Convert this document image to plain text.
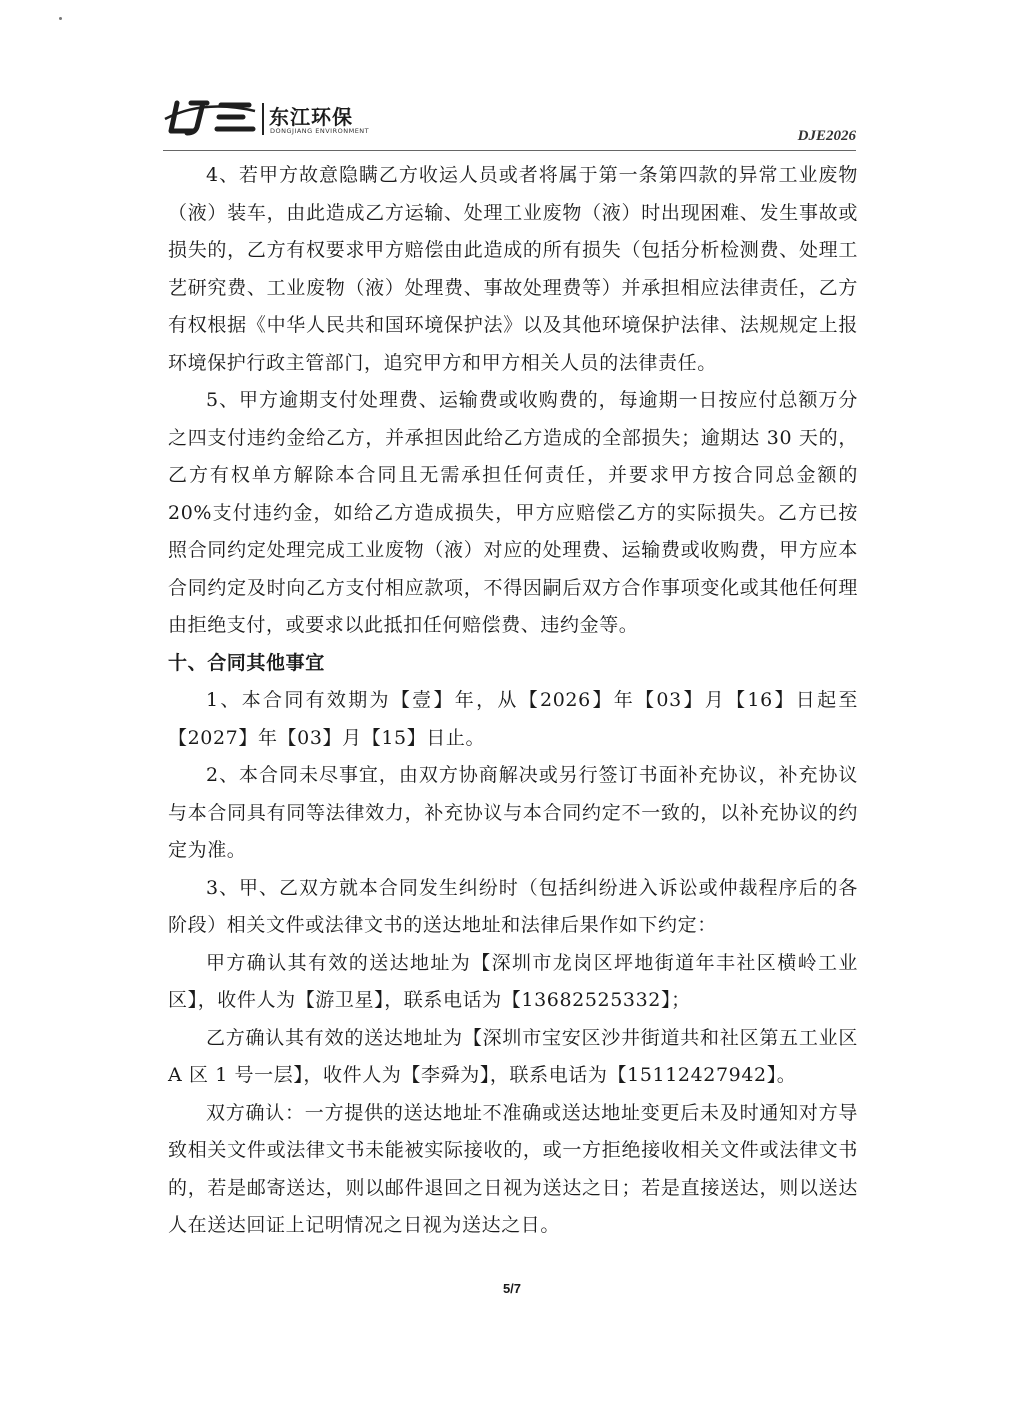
东江环保
DONGJIANG ENVIRONMENT	DJE2026

4、若甲方故意隐瞒乙方收运人员或者将属于第一条第四款的异常工业废物（液）装车，由此造成乙方运输、处理工业废物（液）时出现困难、发生事故或损失的，乙方有权要求甲方赔偿由此造成的所有损失（包括分析检测费、处理工艺研究费、工业废物（液）处理费、事故处理费等）并承担相应法律责任，乙方有权根据《中华人民共和国环境保护法》以及其他环境保护法律、法规规定上报环境保护行政主管部门，追究甲方和甲方相关人员的法律责任。

5、甲方逾期支付处理费、运输费或收购费的，每逾期一日按应付总额万分之四支付违约金给乙方，并承担因此给乙方造成的全部损失；逾期达 30 天的，乙方有权单方解除本合同且无需承担任何责任，并要求甲方按合同总金额的 20%支付违约金，如给乙方造成损失，甲方应赔偿乙方的实际损失。乙方已按照合同约定处理完成工业废物（液）对应的处理费、运输费或收购费，甲方应本合同约定及时向乙方支付相应款项，不得因嗣后双方合作事项变化或其他任何理由拒绝支付，或要求以此抵扣任何赔偿费、违约金等。

十、合同其他事宜

1、本合同有效期为【壹】年，从【2026】年【03】月【16】日起至【2027】年【03】月【15】日止。

2、本合同未尽事宜，由双方协商解决或另行签订书面补充协议，补充协议与本合同具有同等法律效力，补充协议与本合同约定不一致的，以补充协议的约定为准。

3、甲、乙双方就本合同发生纠纷时（包括纠纷进入诉讼或仲裁程序后的各阶段）相关文件或法律文书的送达地址和法律后果作如下约定：

甲方确认其有效的送达地址为【深圳市龙岗区坪地街道年丰社区横岭工业区】，收件人为【游卫星】，联系电话为【13682525332】；

乙方确认其有效的送达地址为【深圳市宝安区沙井街道共和社区第五工业区 A 区 1 号一层】，收件人为【李舜为】，联系电话为【15112427942】。

双方确认：一方提供的送达地址不准确或送达地址变更后未及时通知对方导致相关文件或法律文书未能被实际接收的，或一方拒绝接收相关文件或法律文书的，若是邮寄送达，则以邮件退回之日视为送达之日；若是直接送达，则以送达人在送达回证上记明情况之日视为送达之日。

5/7
